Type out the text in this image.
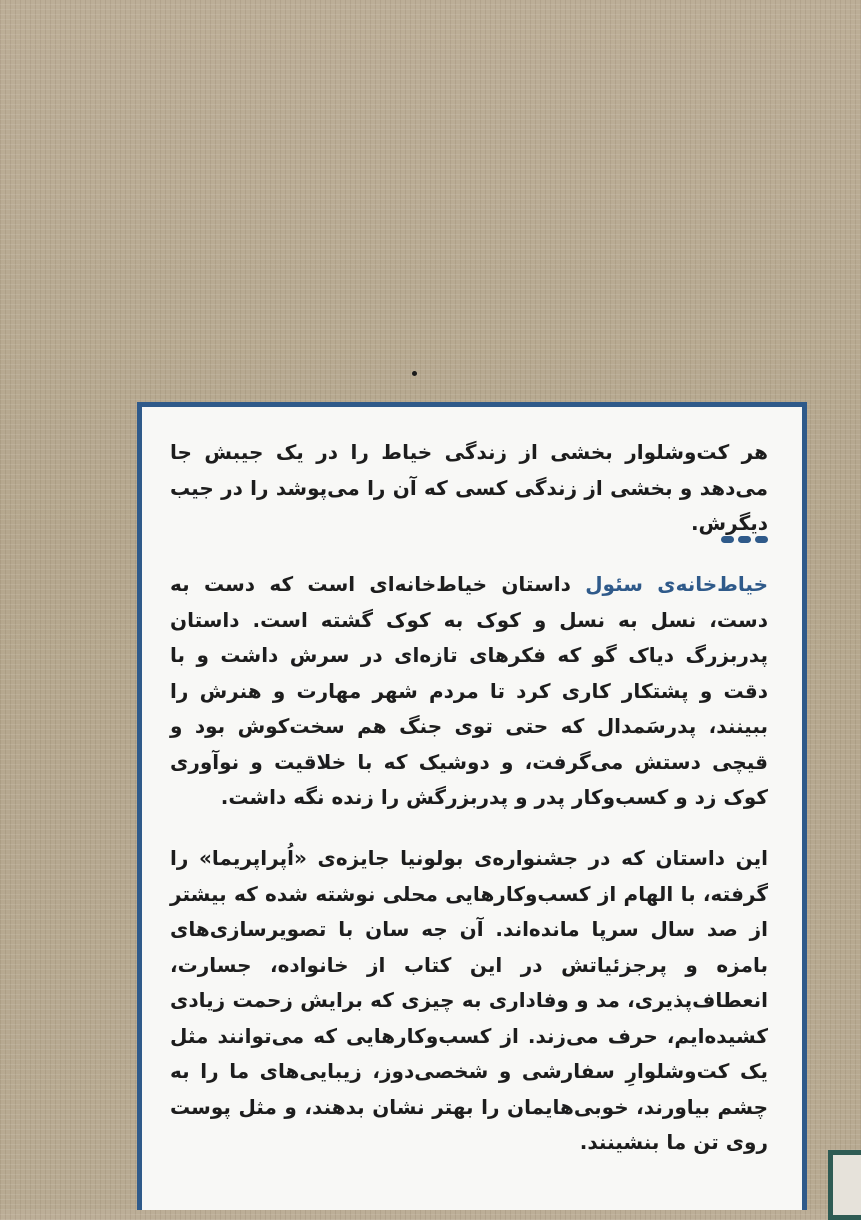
هر کت‌وشلوار بخشی از زندگی خیاط را در یک جیبش جا می‌دهد و بخشی از زندگی کسی که آن را می‌پوشد را در جیب دیگرش.

خیاط‌خانه‌ی سئول داستان خیاط‌خانه‌ای است که دست به دست، نسل به نسل و کوک به کوک گشته است. داستان پدربزرگ دیاک گو که فکرهای تازه‌ای در سرش داشت و با دقت و پشتکار کاری کرد تا مردم شهر مهارت و هنرش را ببینند، پدرسَمدال که حتی توی جنگ هم سخت‌کوش بود و قیچی دستش می‌گرفت، و دوشیک که با خلاقیت و نوآوری کوک زد و کسب‌وکار پدر و پدربزرگش را زنده نگه داشت.

این داستان که در جشنواره‌ی بولونیا جایزه‌ی «اُپراپریما» را گرفته، با الهام از کسب‌وکارهایی محلی نوشته شده که بیشتر از صد سال سرپا مانده‌اند. آن جه سان با تصویرسازی‌های بامزه و پرجزئیاتش در این کتاب از خانواده، جسارت، انعطاف‌پذیری، مد و وفاداری به چیزی که برایش زحمت زیادی کشیده‌ایم، حرف می‌زند. از کسب‌وکارهایی که می‌توانند مثل یک کت‌وشلوارِ سفارشی و شخصی‌دوز، زیبایی‌های ما را به چشم بیاورند، خوبی‌هایمان را بهتر نشان بدهند، و مثل پوست روی تن ما بنشینند.
